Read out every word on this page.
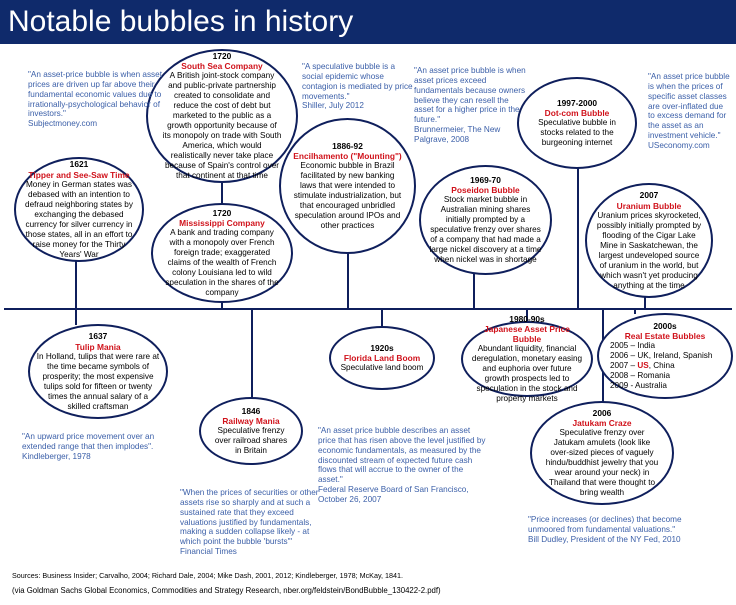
Notable bubbles in history
1621
Tipper and See-Saw Time
Money in German states was debased with an intention to defraud neighboring states by exchanging the debased currency for silver currency in those states, all in an effort to raise money for the Thirty Years' War
1637
Tulip Mania
In Holland, tulips that were rare at the time became symbols of prosperity; the most expensive tulips sold for fifteen or twenty times the annual salary of a skilled craftsman
1720
South Sea Company
A British joint-stock company and public-private partnership created to consolidate and reduce the cost of debt but marketed to the public as a growth opportunity because of its monopoly on trade with South America, which would realistically never take place because of Spain's control over that continent at that time
1720
Mississippi Company
A bank and trading company with a monopoly over French foreign trade; exaggerated claims of the wealth of French colony Louisiana led to wild speculation in the shares of the company
1846
Railway Mania
Speculative frenzy over railroad shares in Britain
1886-92
Encilhamento ("Mounting")
Economic bubble in Brazil facilitated by new banking laws that were intended to stimulate industrialization, but that encouraged unbridled speculation around IPOs and other practices
1920s
Florida Land Boom
Speculative land boom
1969-70
Poseidon Bubble
Stock market bubble in Australian mining shares initially prompted by a speculative frenzy over shares of a company that had made a large nickel discovery at a time when nickel was in shortage
1980-90s
Japanese Asset Price Bubble
Abundant liquidity, financial deregulation, monetary easing and euphoria over future growth prospects led to speculation in the stock and property markets
1997-2000
Dot-com Bubble
Speculative bubble in stocks related to the burgeoning internet
2000s
Real Estate Bubbles
2005 – India
2006 – UK, Ireland, Spanish
2007 – US, China
2008 – Romania
2009 - Australia
2006
Jatukam Craze
Speculative frenzy over Jatukam amulets (look like over-sized pieces of vaguely hindu/buddhist jewelry that you wear around your neck) in Thailand that were thought to bring wealth
2007
Uranium Bubble
Uranium prices skyrocketed, possibly initially prompted by flooding of the Cigar Lake Mine in Saskatchewan, the largest undeveloped source of uranium in the world, but which wasn't yet producing anything at the time
"An asset-price bubble is when asset prices are driven up far above their fundamental economic values due to irrationally-psychological behavior of investors."
Subjectmoney.com
"A speculative bubble is a social epidemic whose contagion is mediated by price movements."
Shiller, July 2012
"An asset price bubble is when asset prices exceed fundamentals because owners believe they can resell the asset for a higher price in the future."
Brunnermeier, The New Palgrave, 2008
"An asset price bubble is when the prices of specific asset classes are over-inflated due to excess demand for the asset as an investment vehicle."
USeconomy.com
"An upward price movement over an extended range that then implodes".
Kindleberger, 1978
"When the prices of securities or other assets rise so sharply and at such a sustained rate that they exceed valuations justified by fundamentals, making a sudden collapse likely - at which point the bubble 'bursts'"
Financial Times
"An asset price bubble describes an asset price that has risen above the level justified by economic fundamentals, as measured by the discounted stream of expected future cash flows that will accrue to the owner of the asset."
Federal Reserve Board of San Francisco, October 26, 2007
"Price increases (or declines) that become unmoored from fundamental valuations."
Bill Dudley, President of the NY Fed, 2010
Sources: Business Insider; Carvalho, 2004; Richard Dale, 2004; Mike Dash, 2001, 2012; Kindleberger, 1978; McKay, 1841.
(via Goldman Sachs Global Economics, Commodities and Strategy Research, nber.org/feldstein/BondBubble_130422-2.pdf)
